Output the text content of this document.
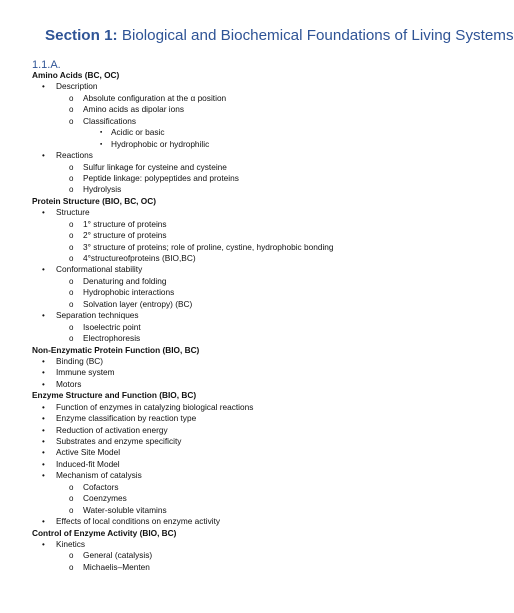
Section 1: Biological and Biochemical Foundations of Living Systems
1.1.A.
Amino Acids (BC, OC)
• Description
o Absolute configuration at the α position
o Amino acids as dipolar ions
o Classifications
▪ Acidic or basic
▪ Hydrophobic or hydrophilic
• Reactions
o Sulfur linkage for cysteine and cysteine
o Peptide linkage: polypeptides and proteins
o Hydrolysis
Protein Structure (BIO, BC, OC)
• Structure
o 1° structure of proteins
o 2° structure of proteins
o 3° structure of proteins; role of proline, cystine, hydrophobic bonding
o 4°structureofproteins (BIO,BC)
• Conformational stability
o Denaturing and folding
o Hydrophobic interactions
o Solvation layer (entropy) (BC)
• Separation techniques
o Isoelectric point
o Electrophoresis
Non-Enzymatic Protein Function (BIO, BC)
• Binding (BC)
• Immune system
• Motors
Enzyme Structure and Function (BIO, BC)
• Function of enzymes in catalyzing biological reactions
• Enzyme classification by reaction type
• Reduction of activation energy
• Substrates and enzyme specificity
• Active Site Model
• Induced-fit Model
• Mechanism of catalysis
o Cofactors
o Coenzymes
o Water-soluble vitamins
• Effects of local conditions on enzyme activity
Control of Enzyme Activity (BIO, BC)
• Kinetics
o General (catalysis)
o Michaelis–Menten
